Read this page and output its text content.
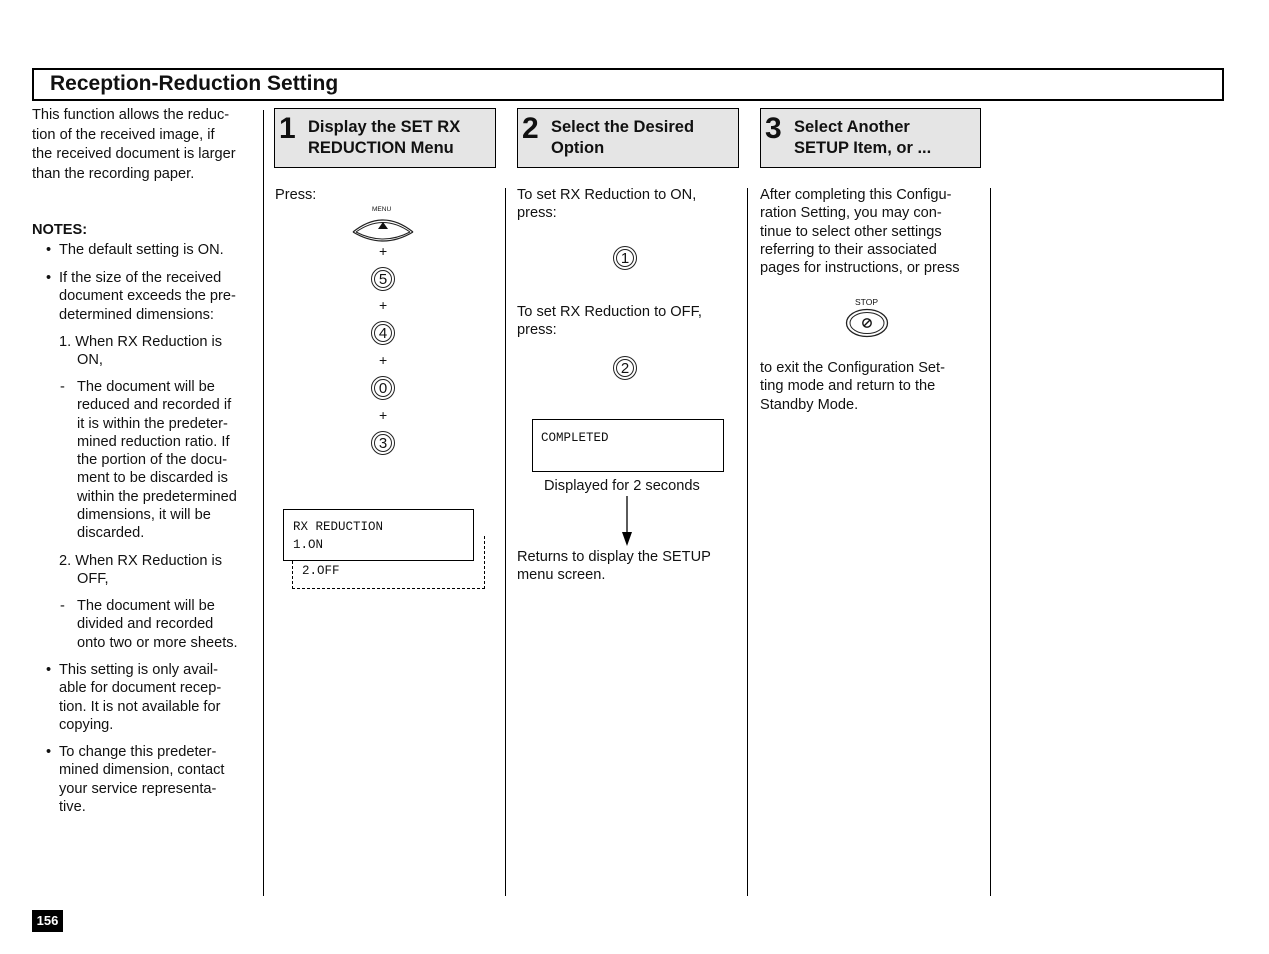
Reception-Reduction Setting
This function allows the reduc-
tion of the received image, if
the received document is larger
than the recording paper.
NOTES:
• The default setting is ON.
• If the size of the received
document exceeds the pre-
determined dimensions:
1. When RX Reduction is
ON,
- The document will be
reduced and recorded if
it is within the predeter-
mined reduction ratio. If
the portion of the docu-
ment to be discarded is
within the predetermined
dimensions, it will be
discarded.
2. When RX Reduction is
OFF,
- The document will be
divided and recorded
onto two or more sheets.
• This setting is only avail-
able for document recep-
tion. It is not available for
copying.
• To change this predeter-
mined dimension, contact
your service representa-
tive.
1 Display the SET RX
REDUCTION Menu
2 Select the Desired
Option
3 Select Another
SETUP Item, or ...
Press:
MENU
+
5
+
4
+
0
+
3
2.OFF
RX REDUCTION
1.ON
To set RX Reduction to ON,
press:
1
To set RX Reduction to OFF,
press:
2
COMPLETED
Displayed for 2 seconds
Returns to display the SETUP
menu screen.
After completing this Configu-
ration Setting, you may con-
tinue to select other settings
referring to their associated
pages for instructions, or press
STOP
to exit the Configuration Set-
ting mode and return to the
Standby Mode.
156
